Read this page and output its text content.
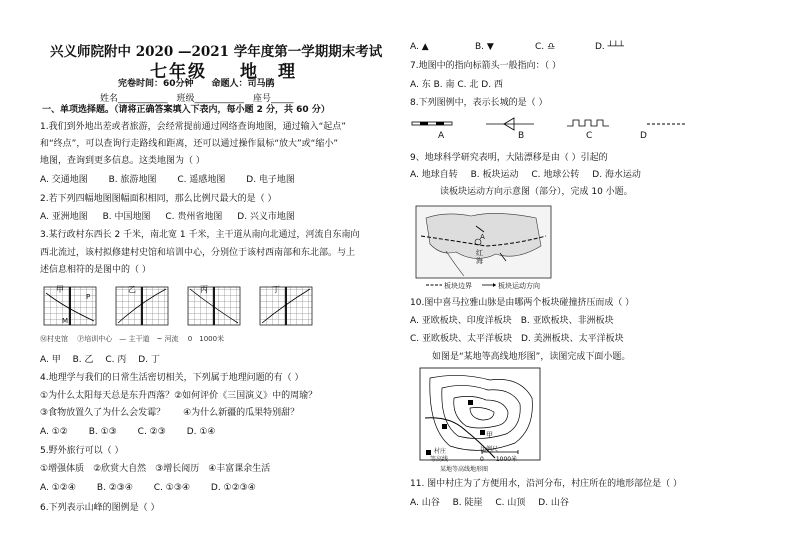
兴义师院附中 2020 —2021 学年度第一学期期末考试
七年级 地　理
完卷时间：60分钟　　命题人：司马鹃
姓名___________　班级___________　座号_____
一、单项选择题。（请将正确答案填入下表内，每小题 2 分，共 60 分）
1.我们到外地出差或者旅游，会经常提前通过网络查询地图，通过输入“起点”
和“终点”，可以查询行走路线和距离，还可以通过操作鼠标“放大”或“缩小”
地图，查询到更多信息。这类地图为（ ）
A. 交通地图 B. 旅游地图 C. 遥感地图 D. 电子地图
2.若下列四幅地图图幅面积相同，那么比例尺最大的是（ ）
A. 亚洲地图 B. 中国地图 C. 贵州省地图 D. 兴义市地图
3.某行政村东西长 2 千米，南北宽 1 千米，主干道从南向北通过，河流自东南向
西北流过，该村拟修建村史馆和培训中心，分别位于该村西南部和东北部。与上
述信息相符的是图中的（ ）
甲	乙	丙	丁
M
P
Ⓜ村史馆　 Ⓟ培训中心　— 主干道　~ 河流　 0　1000米
A. 甲　 B. 乙　 C. 丙　 D. 丁
4.地理学与我们的日常生活密切相关，下列属于地理问题的有（ ）
①为什么太阳每天总是东升西落？②如何评价《三国演义》中的周瑜？
③食物放置久了为什么会发霉？　　④为什么新疆的瓜果特别甜？
A. ①② B. ①③ C. ②③ D. ①④
5.野外旅行可以（ ）
①增强体质　②欣赏大自然　③增长阅历　④丰富课余生活
A. ①②④ B. ②③④ C. ①③④ D. ①②③④
6.下列表示山峰的图例是（ ）
A. ▲	B. ▼	C. ♎	D. ┴┴┴
7.地图中的指向标箭头一般指向：（ ）
A. 东 B. 南 C. 北 D. 西
8.下列图例中，表示长城的是（ ）
A	B	C	D
9、地球科学研究表明，大陆漂移是由（ ）引起的
A. 地球自转 B. 板块运动 C. 地球公转 D. 海水运动
读板块运动方向示意图（部分），完成 10 小题。
红
海
A
板块边界	板块运动方向
10.图中喜马拉雅山脉是由哪两个板块碰撞挤压而成（ ）
A. 亚欧板块、印度洋板块　B. 亚欧板块、非洲板块
C. 亚欧板块、太平洋板块　D. 美洲板块、太平洋板块
如图是“某地等高线地形图”，读图完成下面小题。
甲
村庄
等高线
比例尺
0　　1000米
某地等高线地形图
11. 图中村庄为了方便用水，沿河分布，村庄所在的地形部位是（ ）
A. 山谷 B. 陡崖 C. 山顶 D. 山谷
